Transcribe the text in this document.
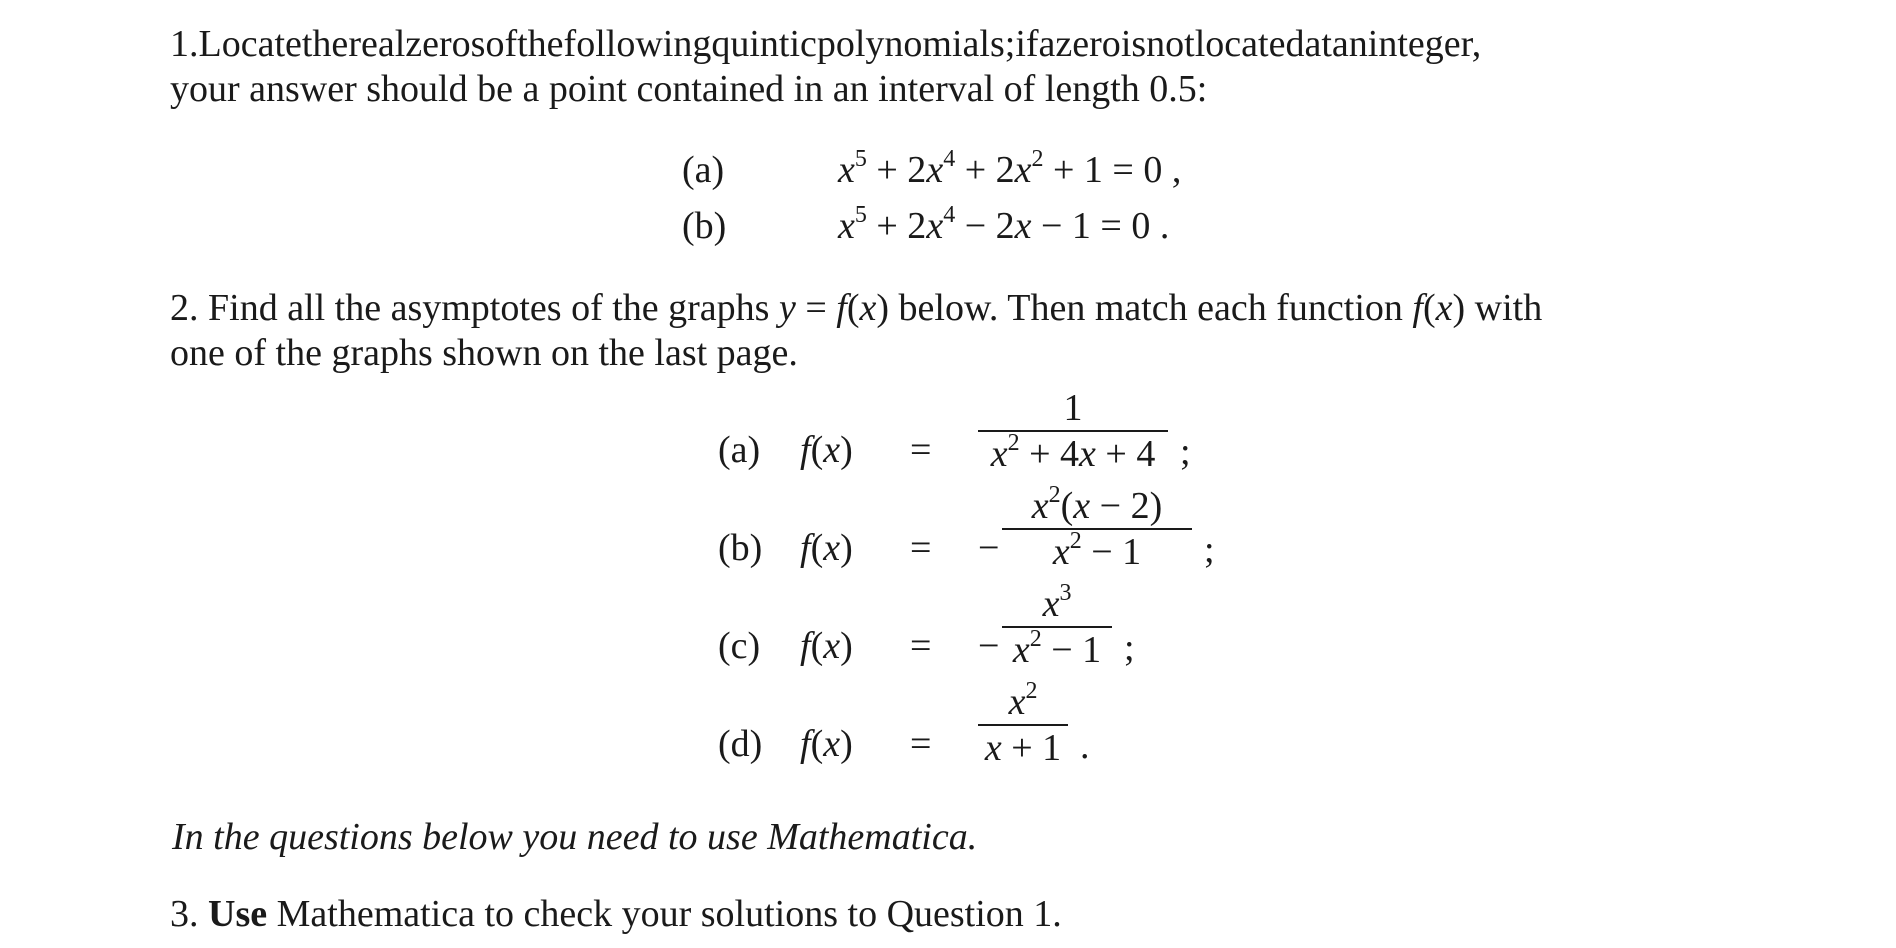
1.Locatetherealzerosofthefollowingquinticpolynomials;ifazeroisnotlocatedataninteger,
your answer should be a point contained in an interval of length 0.5:
(a)	$x^5 + 2x^4 + 2x^2 + 1 = 0$ ,
(b)	$x^5 + 2x^4 - 2x - 1 = 0$ .
2. Find all the asymptotes of the graphs y = f(x) below. Then match each function f(x) with
one of the graphs shown on the last page.
(a) f(x) =
1
$x^2 + 4x + 4$ ;
(b) f(x) = −
$x^2(x - 2)$
$x^2 - 1$	;
(c) f(x) = −
$x^3$
$x^2 - 1$ ;
(d) f(x) =
$x^2$
x + 1 .
In the questions below you need to use Mathematica.
3. Use Mathematica to check your solutions to Question 1.
